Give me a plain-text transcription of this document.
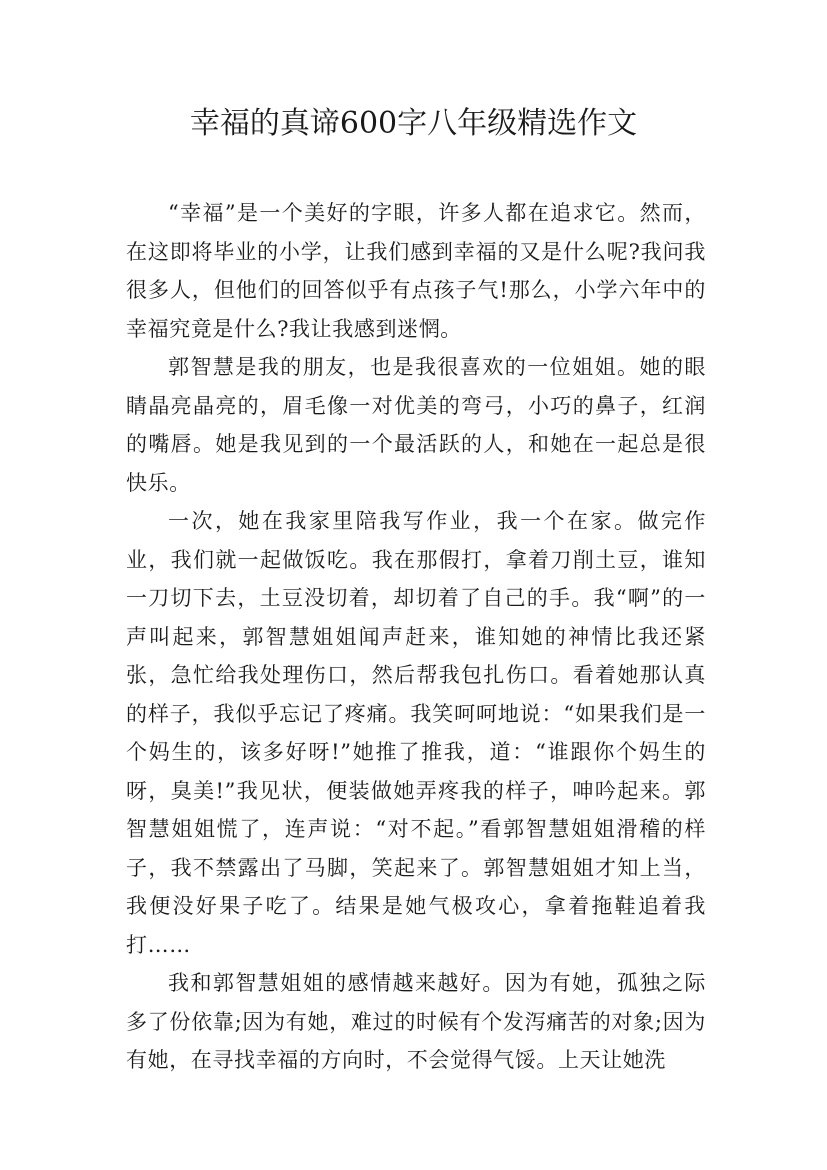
幸福的真谛600字八年级精选作文

“幸福”是一个美好的字眼，许多人都在追求它。然而，在这即将毕业的小学，让我们感到幸福的又是什么呢?我问我很多人，但他们的回答似乎有点孩子气!那么，小学六年中的幸福究竟是什么?我让我感到迷惘。

郭智慧是我的朋友，也是我很喜欢的一位姐姐。她的眼睛晶亮晶亮的，眉毛像一对优美的弯弓，小巧的鼻子，红润的嘴唇。她是我见到的一个最活跃的人，和她在一起总是很快乐。

一次，她在我家里陪我写作业，我一个在家。做完作业，我们就一起做饭吃。我在那假打，拿着刀削土豆，谁知一刀切下去，土豆没切着，却切着了自己的手。我“啊”的一声叫起来，郭智慧姐姐闻声赶来，谁知她的神情比我还紧张，急忙给我处理伤口，然后帮我包扎伤口。看着她那认真的样子，我似乎忘记了疼痛。我笑呵呵地说：“如果我们是一个妈生的，该多好呀!”她推了推我，道：“谁跟你个妈生的呀，臭美!”我见状，便装做她弄疼我的样子，呻吟起来。郭智慧姐姐慌了，连声说：“对不起。”看郭智慧姐姐滑稽的样子，我不禁露出了马脚，笑起来了。郭智慧姐姐才知上当，我便没好果子吃了。结果是她气极攻心，拿着拖鞋追着我打……

我和郭智慧姐姐的感情越来越好。因为有她，孤独之际多了份依靠;因为有她，难过的时候有个发泻痛苦的对象;因为有她，在寻找幸福的方向时，不会觉得气馁。上天让她洗
